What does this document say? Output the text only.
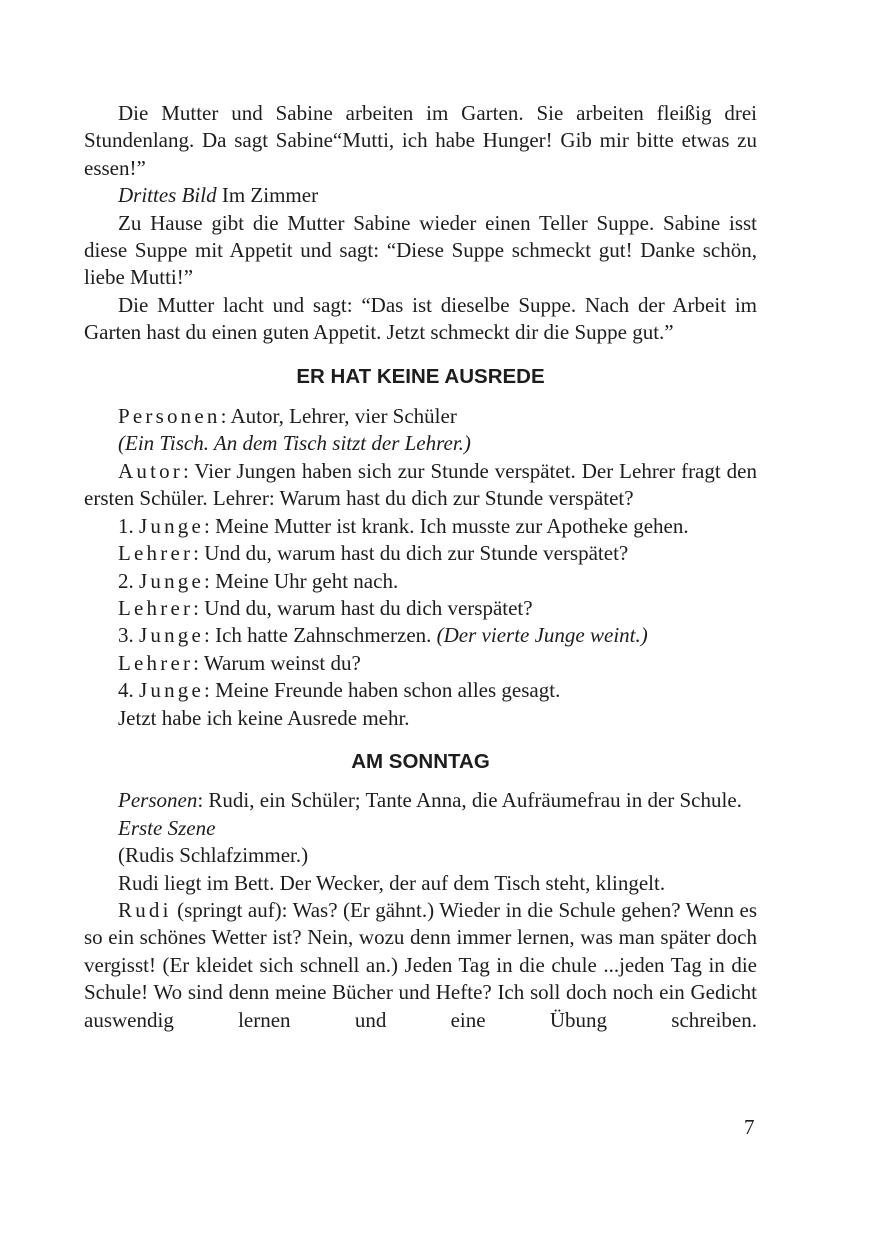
Die Mutter und Sabine arbeiten im Garten. Sie arbeiten fleißig drei Stundenlang. Da sagt Sabine“Mutti, ich habe Hunger! Gib mir bitte etwas zu essen!”

Drittes Bild Im Zimmer

Zu Hause gibt die Mutter Sabine wieder einen Teller Suppe. Sabine isst diese Suppe mit Appetit und sagt: “Diese Suppe schmeckt gut! Danke schön, liebe Mutti!”

Die Mutter lacht und sagt: “Das ist dieselbe Suppe. Nach der Arbeit im Garten hast du einen guten Appetit. Jetzt schmeckt dir die Suppe gut.”

ER HAT KEINE AUSREDE

Personen: Autor, Lehrer, vier Schüler

(Ein Tisch. An dem Tisch sitzt der Lehrer.)

Autor: Vier Jungen haben sich zur Stunde verspätet. Der Lehrer fragt den ersten Schüler. Lehrer: Warum hast du dich zur Stunde verspätet?

1. Junge: Meine Mutter ist krank. Ich musste zur Apotheke gehen.

Lehrer: Und du, warum hast du dich zur Stunde verspätet?

2. Junge: Meine Uhr geht nach.

Lehrer: Und du, warum hast du dich verspätet?

3. Junge: Ich hatte Zahnschmerzen. (Der vierte Junge weint.)

Lehrer: Warum weinst du?

4. Junge: Meine Freunde haben schon alles gesagt.

Jetzt habe ich keine Ausrede mehr.

AM SONNTAG

Personen: Rudi, ein Schüler; Tante Anna, die Aufräumefrau in der Schule.

Erste Szene

(Rudis Schlafzimmer.)

Rudi liegt im Bett. Der Wecker, der auf dem Tisch steht, klingelt.

Rudi (springt auf): Was? (Er gähnt.) Wieder in die Schule gehen? Wenn es so ein schönes Wetter ist? Nein, wozu denn immer lernen, was man später doch vergisst! (Er kleidet sich schnell an.) Jeden Tag in die chule ...jeden Tag in die Schule! Wo sind denn meine Bücher und Hefte? Ich soll doch noch ein Gedicht auswendig lernen und eine Übung schreiben.

7
